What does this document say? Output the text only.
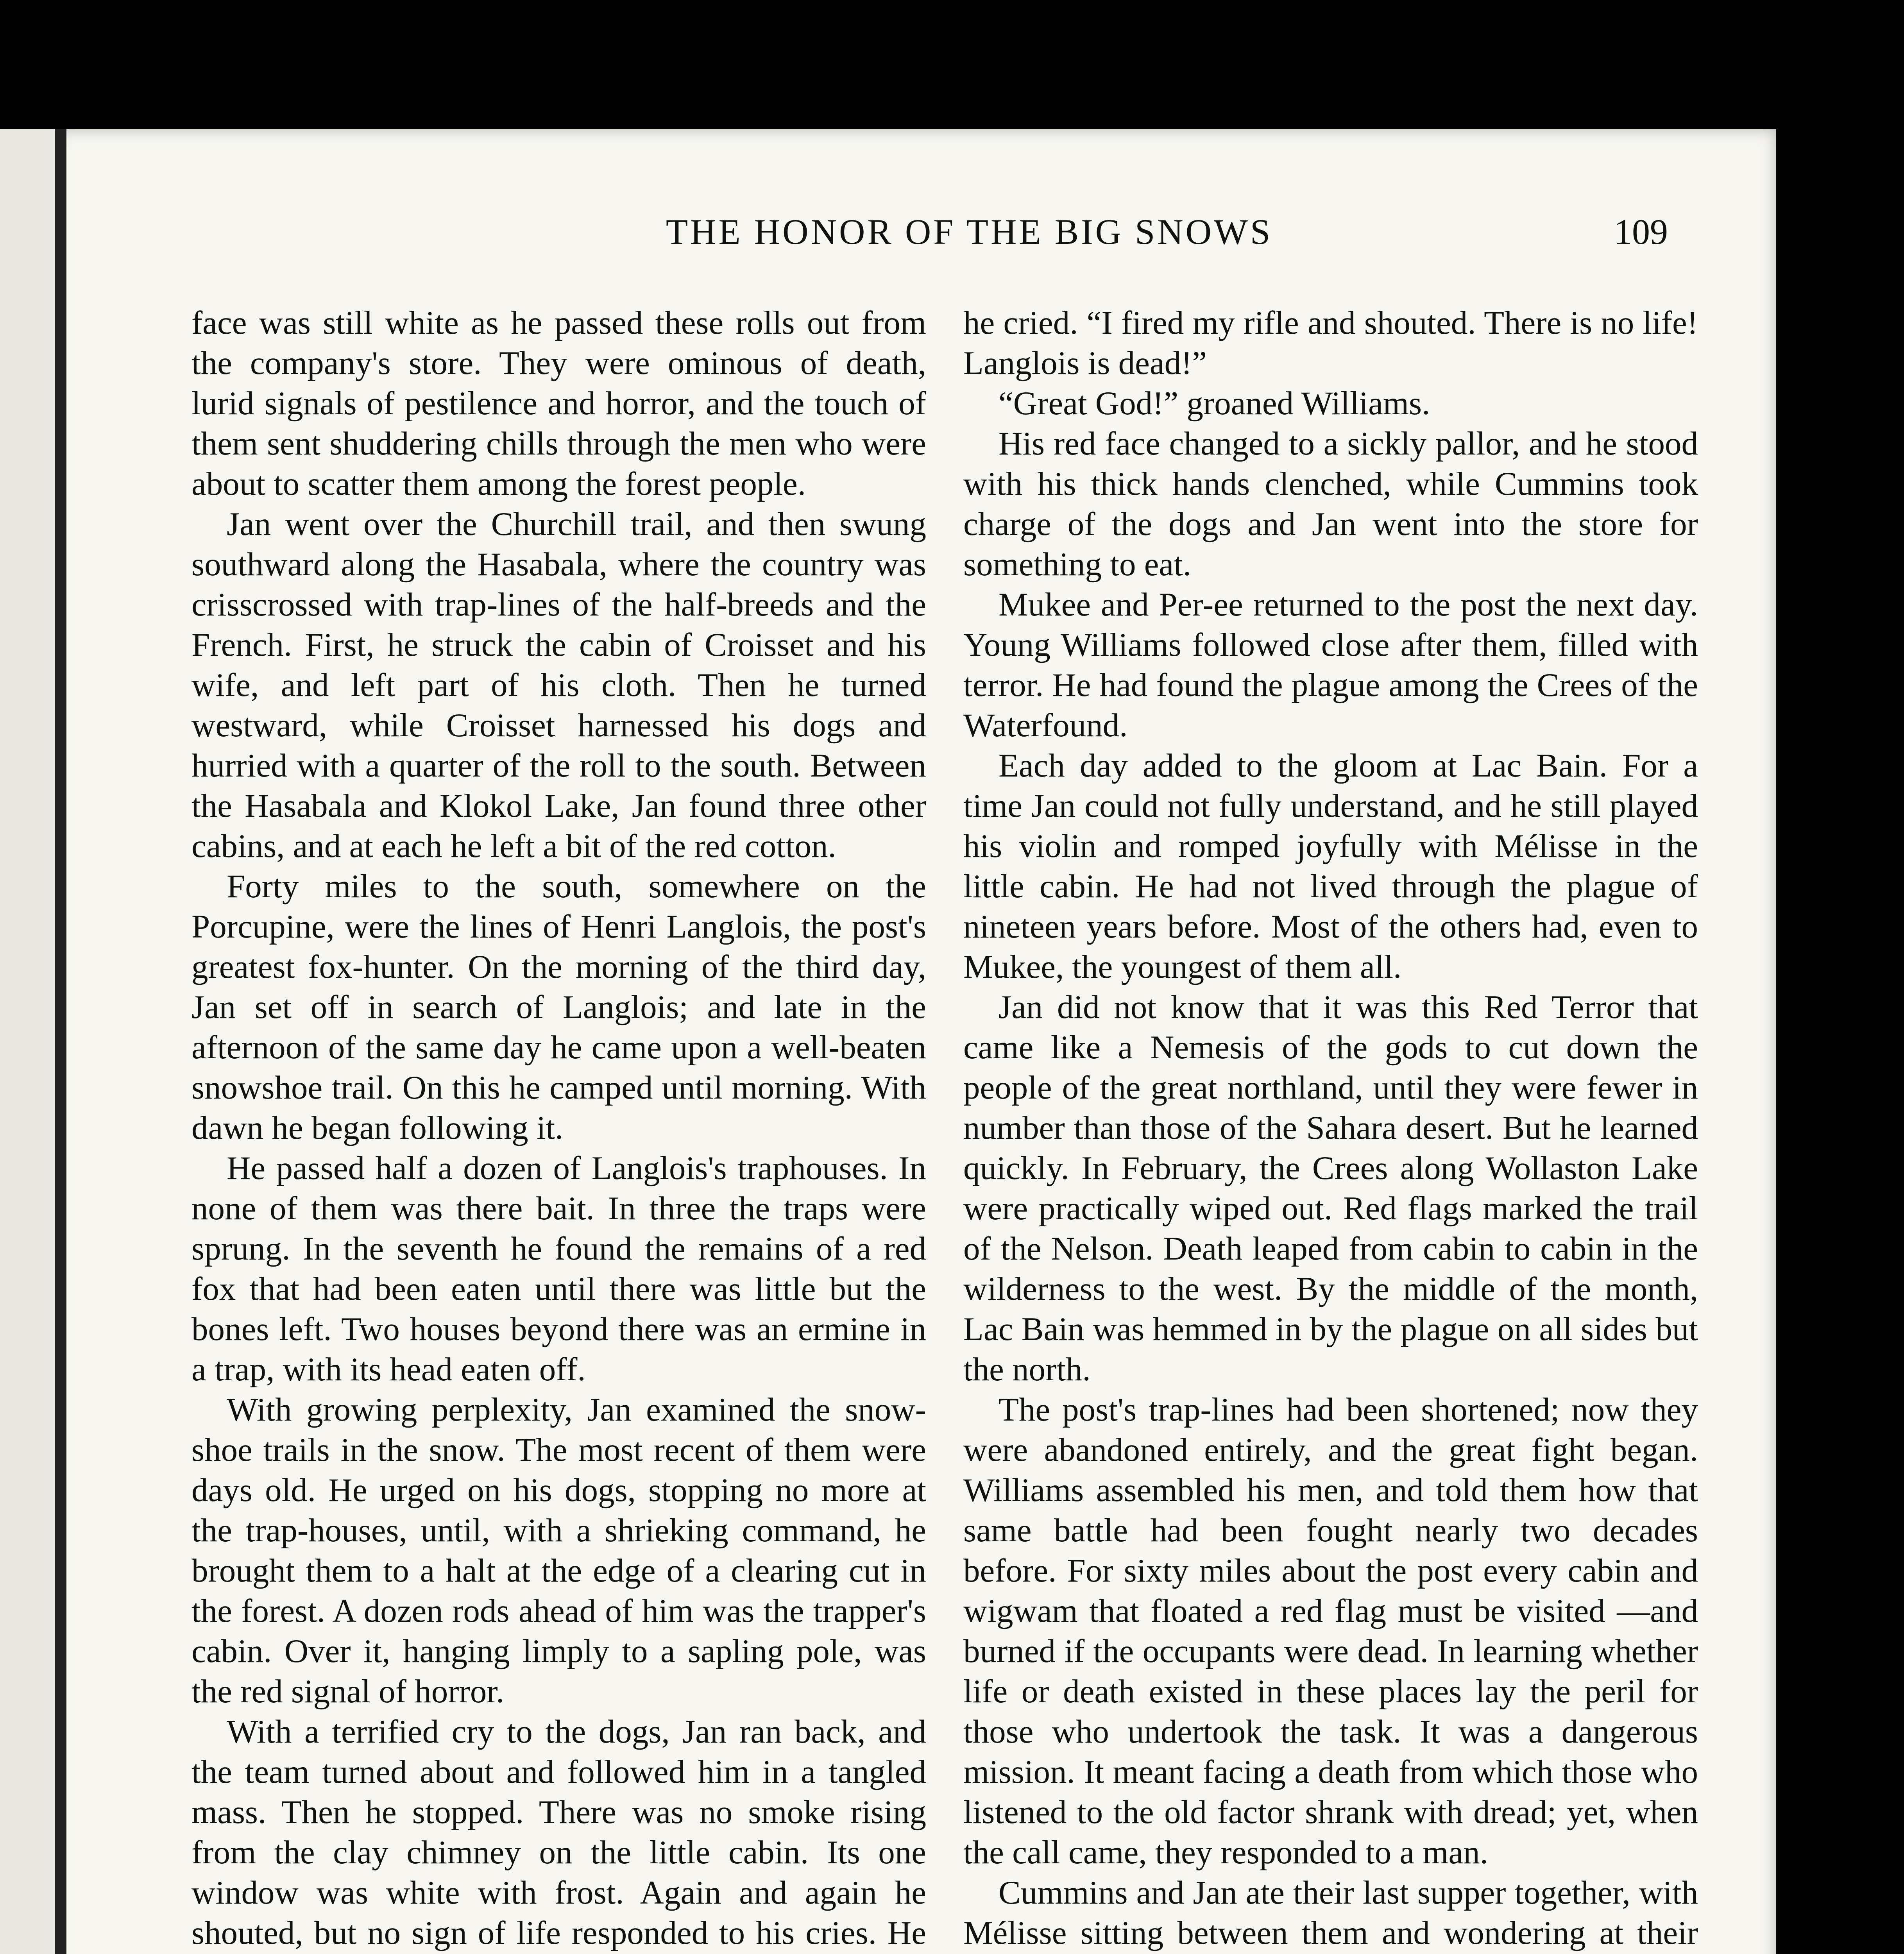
THE HONOR OF THE BIG SNOWS	109

face was still white as he passed these rolls out from the company's store. They were ominous of death, lurid signals of pestilence and horror, and the touch of them sent shuddering chills through the men who were about to scatter them among the forest people.

Jan went over the Churchill trail, and then swung southward along the Hasabala, where the country was crisscrossed with trap-lines of the half-breeds and the French. First, he struck the cabin of Croisset and his wife, and left part of his cloth. Then he turned westward, while Croisset harnessed his dogs and hurried with a quarter of the roll to the south. Between the Hasabala and Klokol Lake, Jan found three other cabins, and at each he left a bit of the red cotton.

Forty miles to the south, somewhere on the Porcupine, were the lines of Henri Langlois, the post's greatest fox-hunter. On the morning of the third day, Jan set off in search of Langlois; and late in the afternoon of the same day he came upon a well-beaten snowshoe trail. On this he camped until morning. With dawn he began following it.

He passed half a dozen of Langlois's traphouses. In none of them was there bait. In three the traps were sprung. In the seventh he found the remains of a red fox that had been eaten until there was little but the bones left. Two houses beyond there was an ermine in a trap, with its head eaten off.

With growing perplexity, Jan examined the snow-shoe trails in the snow. The most recent of them were days old. He urged on his dogs, stopping no more at the trap-houses, until, with a shrieking command, he brought them to a halt at the edge of a clearing cut in the forest. A dozen rods ahead of him was the trapper's cabin. Over it, hanging limply to a sapling pole, was the red signal of horror.

With a terrified cry to the dogs, Jan ran back, and the team turned about and followed him in a tangled mass. Then he stopped. There was no smoke rising from the clay chimney on the little cabin. Its one window was white with frost. Again and again he shouted, but no sign of life responded to his cries. He

he cried. “I fired my rifle and shouted. There is no life! Langlois is dead!”

“Great God!” groaned Williams.

His red face changed to a sickly pallor, and he stood with his thick hands clenched, while Cummins took charge of the dogs and Jan went into the store for something to eat.

Mukee and Per-ee returned to the post the next day. Young Williams followed close after them, filled with terror. He had found the plague among the Crees of the Waterfound.

Each day added to the gloom at Lac Bain. For a time Jan could not fully understand, and he still played his violin and romped joyfully with Mélisse in the little cabin. He had not lived through the plague of nineteen years before. Most of the others had, even to Mukee, the youngest of them all.

Jan did not know that it was this Red Terror that came like a Nemesis of the gods to cut down the people of the great northland, until they were fewer in number than those of the Sahara desert. But he learned quickly. In February, the Crees along Wollaston Lake were practically wiped out. Red flags marked the trail of the Nelson. Death leaped from cabin to cabin in the wilderness to the west. By the middle of the month, Lac Bain was hemmed in by the plague on all sides but the north.

The post's trap-lines had been shortened; now they were abandoned entirely, and the great fight began. Williams assembled his men, and told them how that same battle had been fought nearly two decades before. For sixty miles about the post every cabin and wigwam that floated a red flag must be visited —and burned if the occupants were dead. In learning whether life or death existed in these places lay the peril for those who undertook the task. It was a dangerous mission. It meant facing a death from which those who listened to the old factor shrank with dread; yet, when the call came, they responded to a man.

Cummins and Jan ate their last supper together, with Mélisse sitting between them and wondering at their
